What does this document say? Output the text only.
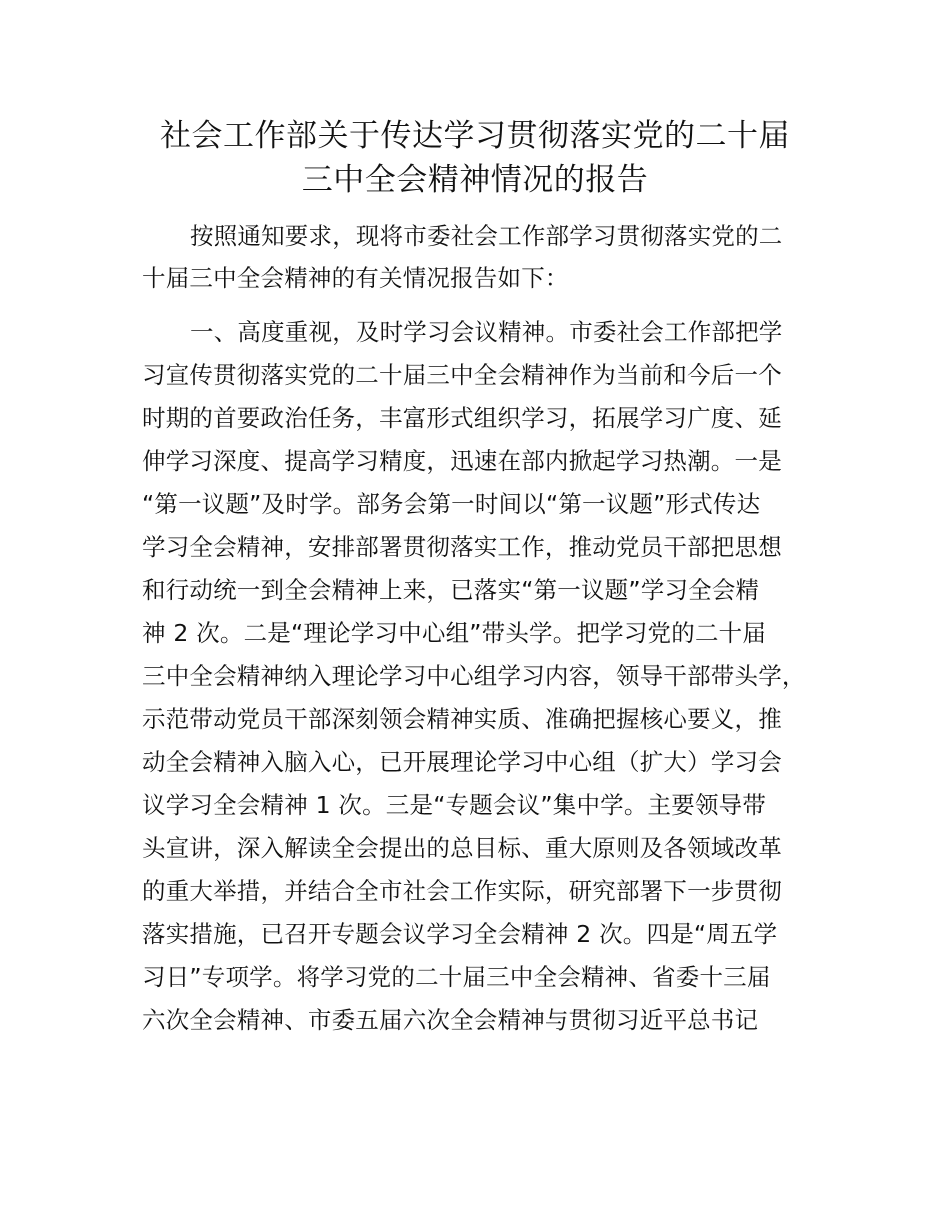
社会工作部关于传达学习贯彻落实党的二十届
三中全会精神情况的报告
按照通知要求，现将市委社会工作部学习贯彻落实党的二
十届三中全会精神的有关情况报告如下：
一、高度重视，及时学习会议精神。市委社会工作部把学
习宣传贯彻落实党的二十届三中全会精神作为当前和今后一个
时期的首要政治任务，丰富形式组织学习，拓展学习广度、延
伸学习深度、提高学习精度，迅速在部内掀起学习热潮。一是
“第一议题”及时学。部务会第一时间以“第一议题”形式传达
学习全会精神，安排部署贯彻落实工作，推动党员干部把思想
和行动统一到全会精神上来，已落实“第一议题”学习全会精
神 2 次。二是“理论学习中心组”带头学。把学习党的二十届
三中全会精神纳入理论学习中心组学习内容，领导干部带头学，
示范带动党员干部深刻领会精神实质、准确把握核心要义，推
动全会精神入脑入心，已开展理论学习中心组（扩大）学习会
议学习全会精神 1 次。三是“专题会议”集中学。主要领导带
头宣讲，深入解读全会提出的总目标、重大原则及各领域改革
的重大举措，并结合全市社会工作实际，研究部署下一步贯彻
落实措施，已召开专题会议学习全会精神 2 次。四是“周五学
习日”专项学。将学习党的二十届三中全会精神、省委十三届
六次全会精神、市委五届六次全会精神与贯彻习近平总书记
